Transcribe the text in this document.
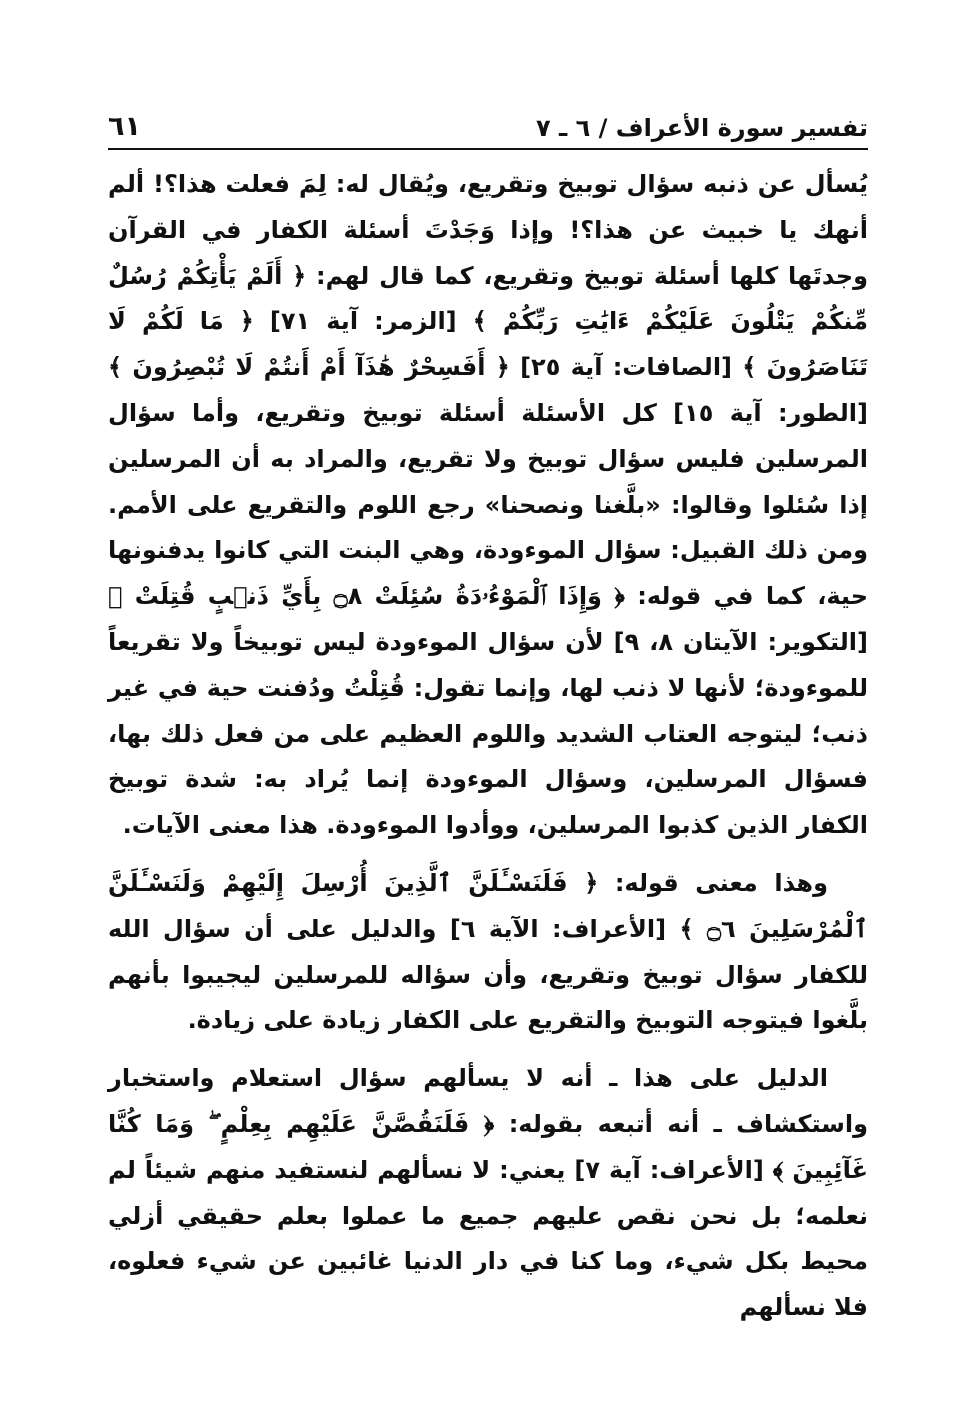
تفسير سورة الأعراف / ٦ ـ ٧
٦١

يُسأل عن ذنبه سؤال توبيخ وتقريع، ويُقال له: لِمَ فعلت هذا؟! ألم أنهك يا خبيث عن هذا؟! وإذا وَجَدْتَ أسئلة الكفار في القرآن وجدتَها كلها أسئلة توبيخ وتقريع، كما قال لهم: ﴿ أَلَمْ يَأْتِكُمْ رُسُلٌ مِّنكُمْ يَتْلُونَ عَلَيْكُمْ ءَايَٰتِ رَبِّكُمْ ﴾ [الزمر: آية ٧١] ﴿ مَا لَكُمْ لَا تَنَاصَرُونَ ﴾ [الصافات: آية ٢٥] ﴿ أَفَسِحْرٌ هَٰذَآ أَمْ أَنتُمْ لَا تُبْصِرُونَ ﴾ [الطور: آية ١٥] كل الأسئلة أسئلة توبيخ وتقريع، وأما سؤال المرسلين فليس سؤال توبيخ ولا تقريع، والمراد به أن المرسلين إذا سُئلوا وقالوا: «بلَّغنا ونصحنا» رجع اللوم والتقريع على الأمم. ومن ذلك القبيل: سؤال الموءودة، وهي البنت التي كانوا يدفنونها حية، كما في قوله: ﴿ وَإِذَا ٱلْمَوْءُۥدَةُ سُئِلَتْ ۝٨ بِأَيِّ ذَنۢبٍ قُتِلَتْ ﴾ [التكوير: الآيتان ٨، ٩] لأن سؤال الموءودة ليس توبيخاً ولا تقريعاً للموءودة؛ لأنها لا ذنب لها، وإنما تقول: قُتِلْتُ ودُفنت حية في غير ذنب؛ ليتوجه العتاب الشديد واللوم العظيم على من فعل ذلك بها، فسؤال المرسلين، وسؤال الموءودة إنما يُراد به: شدة توبيخ الكفار الذين كذبوا المرسلين، ووأدوا الموءودة. هذا معنى الآيات.

وهذا معنى قوله: ﴿ فَلَنَسْـَٔلَنَّ ٱلَّذِينَ أُرْسِلَ إِلَيْهِمْ وَلَنَسْـَٔلَنَّ ٱلْمُرْسَلِينَ ۝٦ ﴾ [الأعراف: الآية ٦] والدليل على أن سؤال الله للكفار سؤال توبيخ وتقريع، وأن سؤاله للمرسلين ليجيبوا بأنهم بلَّغوا فيتوجه التوبيخ والتقريع على الكفار زيادة على زيادة.

الدليل على هذا ـ أنه لا يسألهم سؤال استعلام واستخبار واستكشاف ـ أنه أتبعه بقوله: ﴿ فَلَنَقُصَّنَّ عَلَيْهِم بِعِلْمٍ ۖ وَمَا كُنَّا غَآئِبِينَ ﴾ [الأعراف: آية ٧] يعني: لا نسألهم لنستفيد منهم شيئاً لم نعلمه؛ بل نحن نقص عليهم جميع ما عملوا بعلم حقيقي أزلي محيط بكل شيء، وما كنا في دار الدنيا غائبين عن شيء فعلوه، فلا نسألهم
